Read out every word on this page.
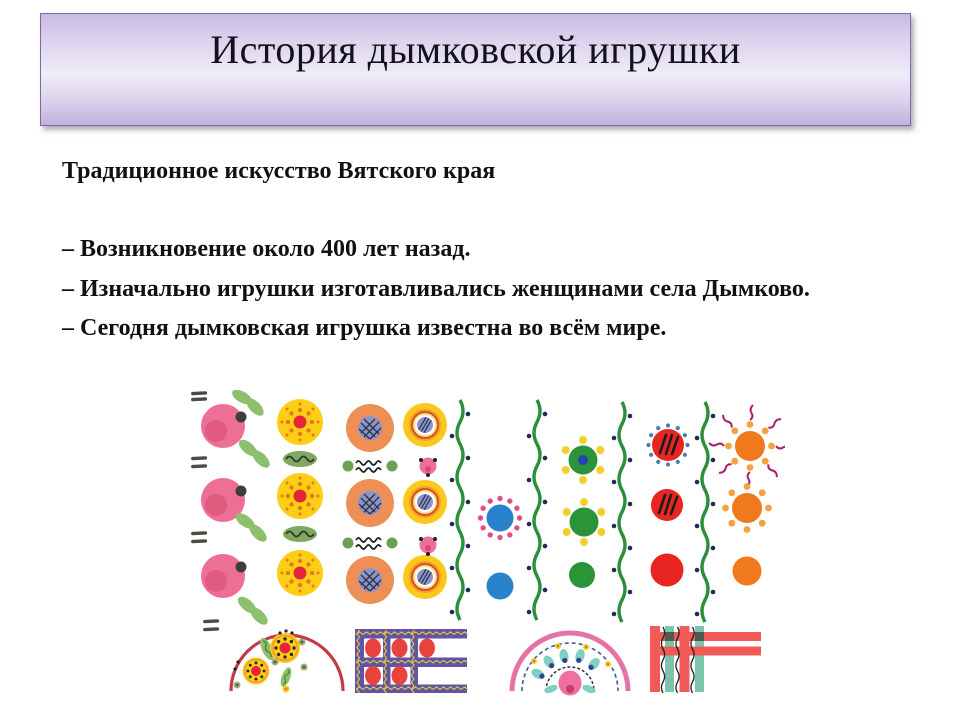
История дымковской игрушки
Традиционное искусство Вятского края
– Возникновение около 400 лет назад.
– Изначально игрушки изготавливались женщинами села Дымково.
– Сегодня дымковская игрушка известна во всём мире.
